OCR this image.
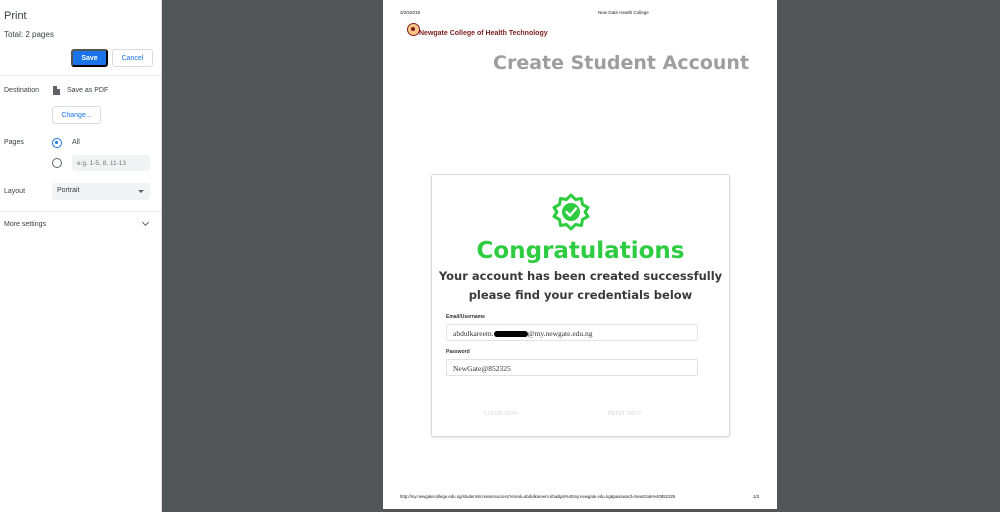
Print
Total: 2 pages
Save	Cancel
Destination	Save as PDF
Change...
Pages	All
e.g. 1-5, 8, 11-13
Layout	Portrait
More settings
3/20/2019	New Gate Health College
Newgate College of Health Technology
Create Student Account
Congratulations
Your account has been created successfully
please find your credentials below
Email/Username
abdulkareem.	@my.newgate.edu.ng
Password
NewGate@852325
LOGIN NOW	PRINT INFO
http://my.newgatecollege.edu.ng/students/create/success?email=abdulkareem.khadijat%40my.newgate.edu.ng&password=NewGate%40852325	1/2
